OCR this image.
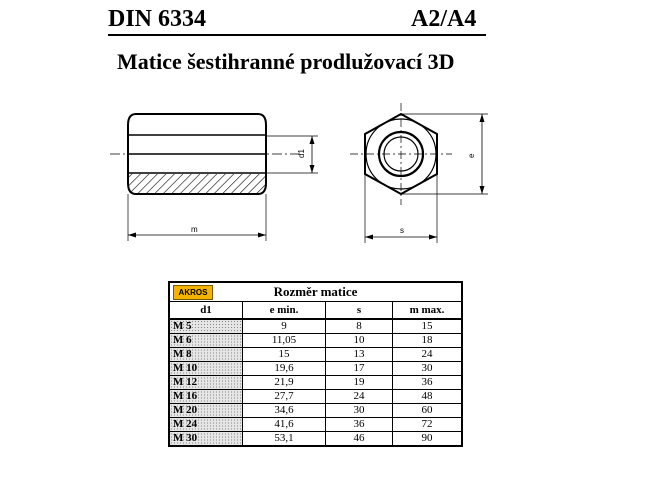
DIN 6334	A2/A4
Matice šestihranné prodlužovací 3D
d1
m
e
s
AKROS Rozměr matice			
d1	e min.	s	m max.
M 5	9	8	15
M 6	11,05	10	18
M 8	15	13	24
M 10	19,6	17	30
M 12	21,9	19	36
M 16	27,7	24	48
M 20	34,6	30	60
M 24	41,6	36	72
M 30	53,1	46	90
